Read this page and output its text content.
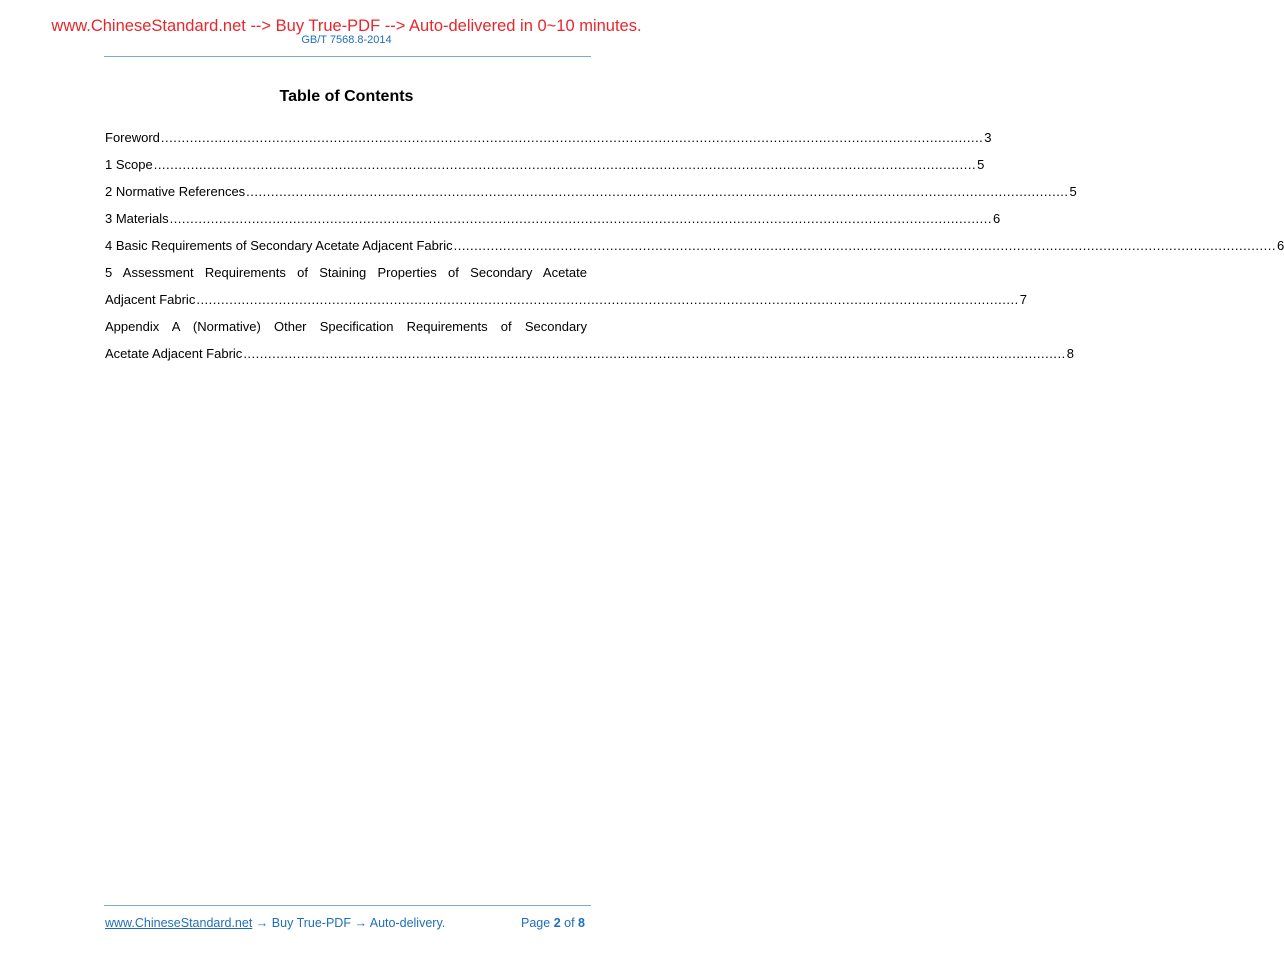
www.ChineseStandard.net --> Buy True-PDF --> Auto-delivered in 0~10 minutes.
GB/T 7568.8-2014
Table of Contents
Foreword ........................................................................................................................................................................................................ 3
1 Scope ........................................................................................................................................................................................................ 5
2 Normative References ........................................................................................................................................................................................................ 5
3 Materials ........................................................................................................................................................................................................ 6
4 Basic Requirements of Secondary Acetate Adjacent Fabric ........................................................................................................................................................................................................ 6
5 Assessment Requirements of Staining Properties of Secondary Acetate
Adjacent Fabric ........................................................................................................................................................................................................ 7
Appendix A (Normative) Other Specification Requirements of Secondary
Acetate Adjacent Fabric ........................................................................................................................................................................................................ 8
www.ChineseStandard.net → Buy True-PDF → Auto-delivery.	Page 2 of 8
